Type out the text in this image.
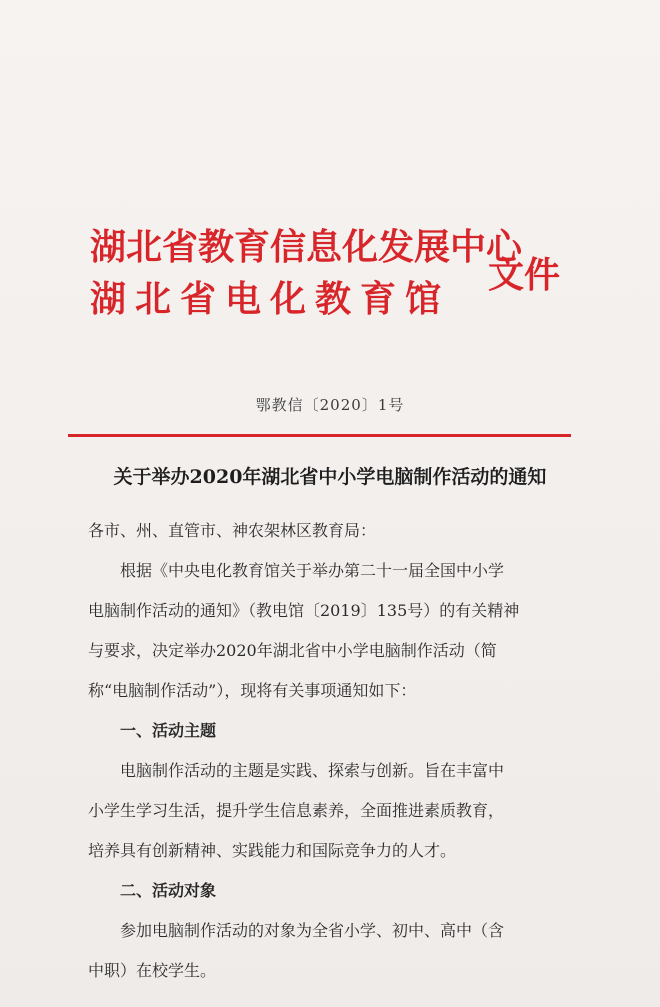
湖北省教育信息化发展中心
湖北省电化教育馆
文件
鄂教信〔2020〕1号
关于举办2020年湖北省中小学电脑制作活动的通知
各市、州、直管市、神农架林区教育局：
根据《中央电化教育馆关于举办第二十一届全国中小学
电脑制作活动的通知》（教电馆〔2019〕135号）的有关精神
与要求，决定举办2020年湖北省中小学电脑制作活动（简
称“电脑制作活动”），现将有关事项通知如下：
一、活动主题
电脑制作活动的主题是实践、探索与创新。旨在丰富中
小学生学习生活，提升学生信息素养，全面推进素质教育，
培养具有创新精神、实践能力和国际竞争力的人才。
二、活动对象
参加电脑制作活动的对象为全省小学、初中、高中（含
中职）在校学生。
